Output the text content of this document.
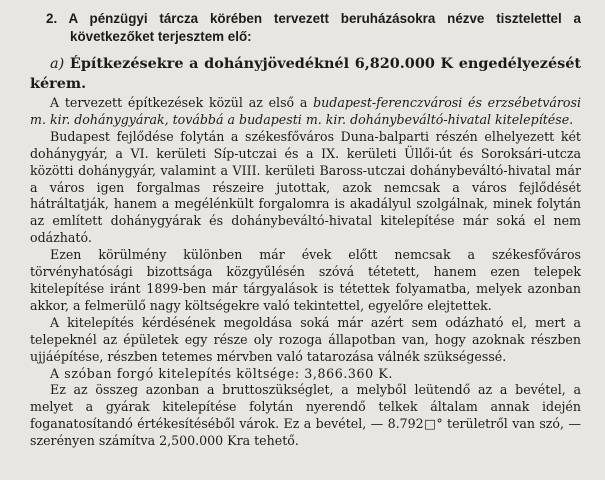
2. A pénzügyi tárcza körében tervezett beruházásokra nézve tisztelettel a következőket terjesztem elő:
a) Építkezésekre a dohányjövedéknél 6,820.000 K engedélyezését kérem.

A tervezett építkezések közül az első a budapest-ferenczvárosi és erzsébetvárosi m. kir. dohánygyárak, továbbá a budapesti m. kir. dohánybeváltó-hivatal kitelepítése.

Budapest fejlődése folytán a székesfőváros Duna-balparti részén elhelyezett két dohánygyár, a VI. kerületi Síp-utczai és a IX. kerületi Üllői-út és Soroksári-utcza közötti dohánygyár, valamint a VIII. kerületi Baross-utczai dohánybeváltó-hivatal már a város igen forgalmas részeire jutottak, azok nemcsak a város fejlődését hátráltatják, hanem a megélénkült forgalomra is akadályul szolgálnak, minek folytán az említett dohánygyárak és dohánybeváltó-hivatal kitelepítése már soká el nem odázható.

Ezen körülmény különben már évek előtt nemcsak a székesfőváros törvényhatósági bizottsága közgyűlésén szóvá tétetett, hanem ezen telepek kitelepítése iránt 1899-ben már tárgyalások is tétettek folyamatba, melyek azonban akkor, a felmerülő nagy költségekre való tekintettel, egyelőre elejtettek.

A kitelepítés kérdésének megoldása soká már azért sem odázható el, mert a telepeknél az épületek egy része oly rozoga állapotban van, hogy azoknak részben ujjáépítése, részben tetemes mérvben való tatarozása válnék szükségessé.

A szóban forgó kitelepítés költsége: 3,866.360 K.

Ez az összeg azonban a bruttoszükséglet, a melyből leütendő az a bevétel, a melyet a gyárak kitelepítése folytán nyerendő telkek általam annak idején foganatosítandó értékesítéséből várok. Ez a bevétel, — 8.792□° területről van szó, — szerényen számítva 2,500.000 Kra tehető.
